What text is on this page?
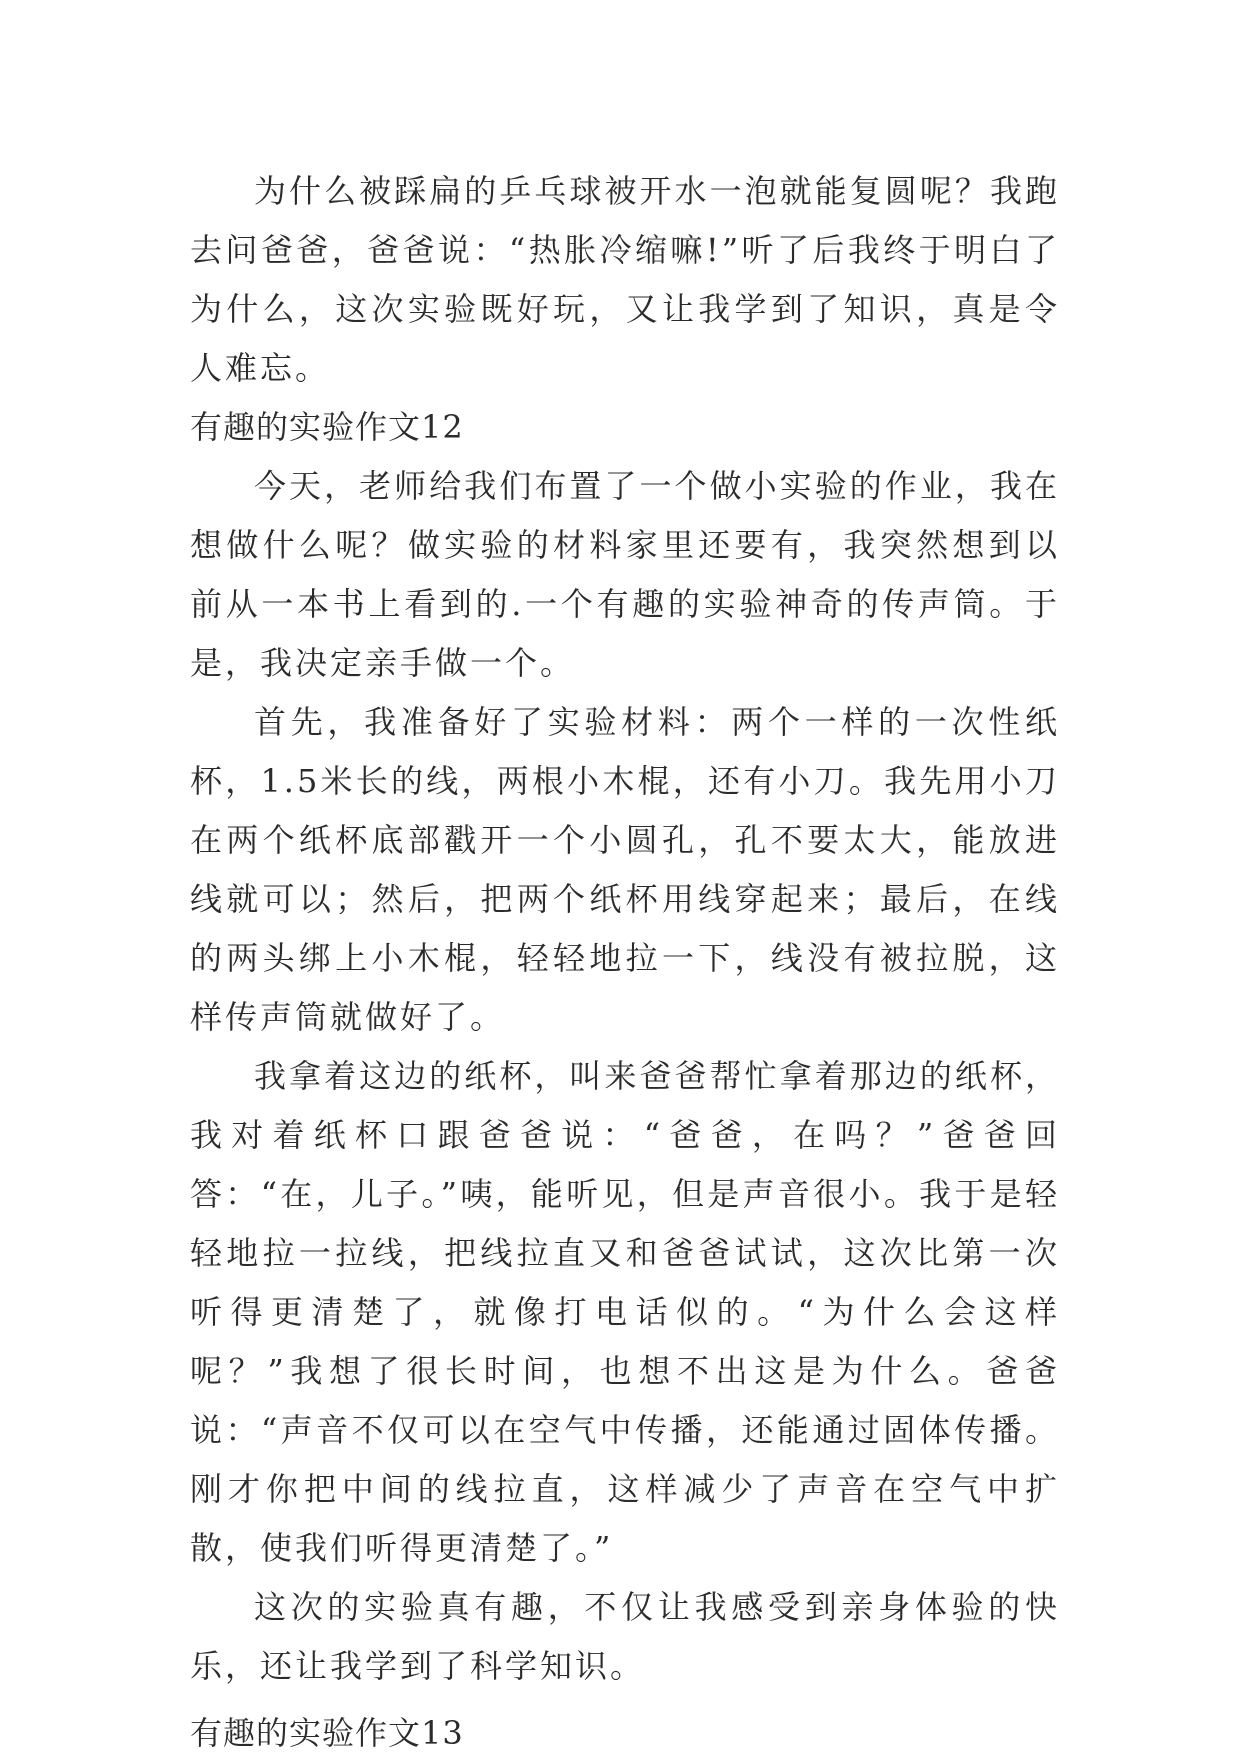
为什么被踩扁的乒乓球被开水一泡就能复圆呢？我跑去问爸爸，爸爸说：“热胀冷缩嘛!”听了后我终于明白了为什么，这次实验既好玩，又让我学到了知识，真是令人难忘。

有趣的实验作文12

今天，老师给我们布置了一个做小实验的作业，我在想做什么呢？做实验的材料家里还要有，我突然想到以前从一本书上看到的.一个有趣的实验神奇的传声筒。于是，我决定亲手做一个。

首先，我准备好了实验材料：两个一样的一次性纸杯，1.5米长的线，两根小木棍，还有小刀。我先用小刀在两个纸杯底部戳开一个小圆孔，孔不要太大，能放进线就可以；然后，把两个纸杯用线穿起来；最后，在线的两头绑上小木棍，轻轻地拉一下，线没有被拉脱，这样传声筒就做好了。

我拿着这边的纸杯，叫来爸爸帮忙拿着那边的纸杯，我对着纸杯口跟爸爸说：“爸爸，在吗？”爸爸回答：“在，儿子。”咦，能听见，但是声音很小。我于是轻轻地拉一拉线，把线拉直又和爸爸试试，这次比第一次听得更清楚了，就像打电话似的。“为什么会这样呢？”我想了很长时间，也想不出这是为什么。爸爸说：“声音不仅可以在空气中传播，还能通过固体传播。刚才你把中间的线拉直，这样减少了声音在空气中扩散，使我们听得更清楚了。”

这次的实验真有趣，不仅让我感受到亲身体验的快乐，还让我学到了科学知识。

有趣的实验作文13
